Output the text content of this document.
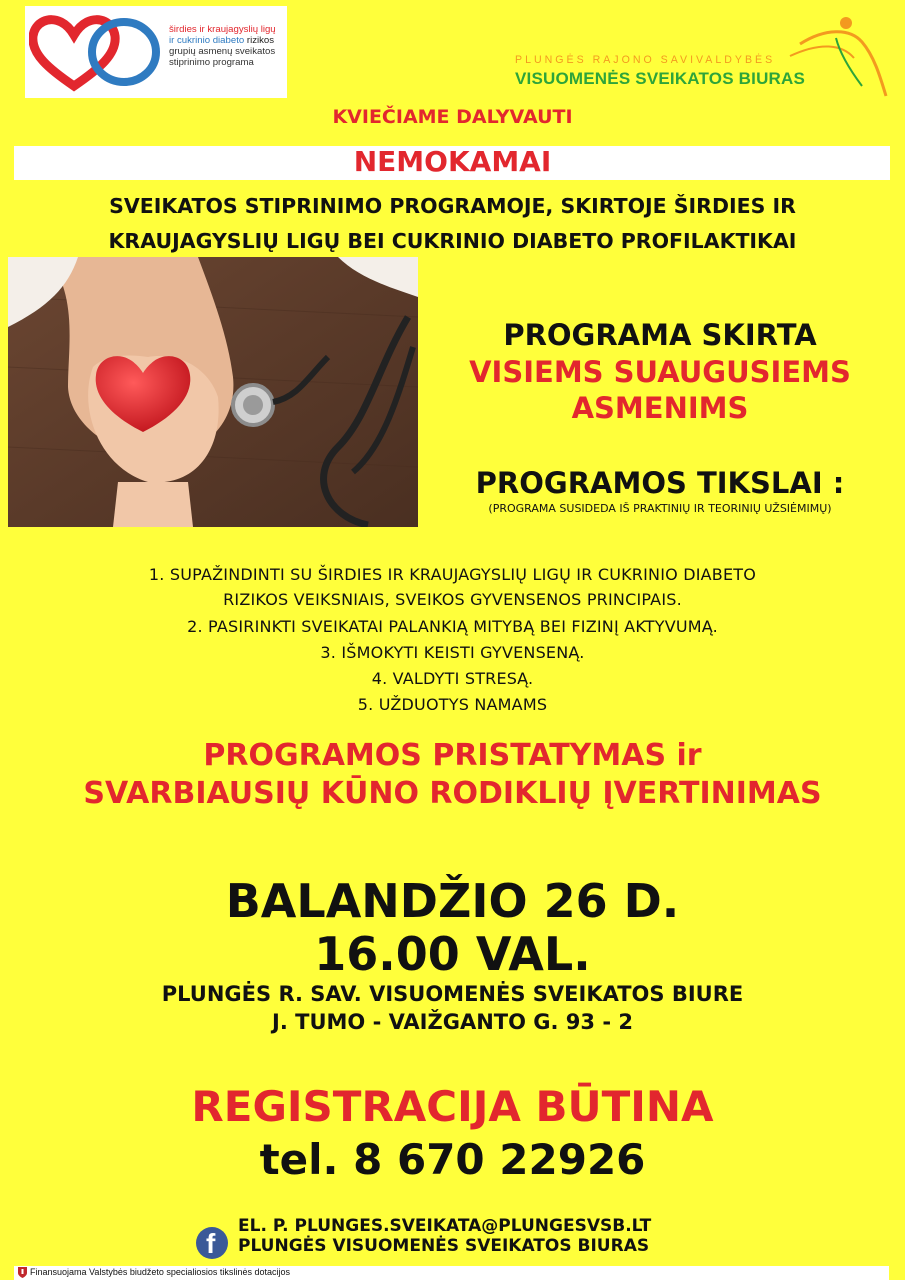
širdies ir kraujagyslių ligų
ir cukrinio diabeto rizikos
grupių asmenų sveikatos
stiprinimo programa	PLUNGĖS RAJONO SAVIVALDYBĖS
VISUOMENĖS SVEIKATOS BIURAS
KVIEČIAME DALYVAUTI
NEMOKAMAI
SVEIKATOS STIPRINIMO PROGRAMOJE, SKIRTOJE ŠIRDIES IR
KRAUJAGYSLIŲ LIGŲ BEI CUKRINIO DIABETO PROFILAKTIKAI
PROGRAMA SKIRTA
VISIEMS SUAUGUSIEMS
ASMENIMS
PROGRAMOS TIKSLAI :
(PROGRAMA SUSIDEDA IŠ PRAKTINIŲ IR TEORINIŲ UŽSIĖMIMŲ)
1. SUPAŽINDINTI SU ŠIRDIES IR KRAUJAGYSLIŲ LIGŲ IR CUKRINIO DIABETO
RIZIKOS VEIKSNIAIS, SVEIKOS GYVENSENOS PRINCIPAIS.
2. PASIRINKTI SVEIKATAI PALANKIĄ MITYBĄ BEI FIZINĮ AKTYVUMĄ.
3. IŠMOKYTI KEISTI GYVENSENĄ.
4. VALDYTI STRESĄ.
5. UŽDUOTYS NAMAMS
PROGRAMOS PRISTATYMAS ir
SVARBIAUSIŲ KŪNO RODIKLIŲ ĮVERTINIMAS
BALANDŽIO 26 D.
16.00 VAL.
PLUNGĖS R. SAV. VISUOMENĖS SVEIKATOS BIURE
J. TUMO - VAIŽGANTO G. 93 - 2
REGISTRACIJA BŪTINA
tel. 8 670 22926
f
EL. P. PLUNGES.SVEIKATA@PLUNGESVSB.LT
PLUNGĖS VISUOMENĖS SVEIKATOS BIURAS
Finansuojama Valstybės biudžeto specialiosios tikslinės dotacijos
